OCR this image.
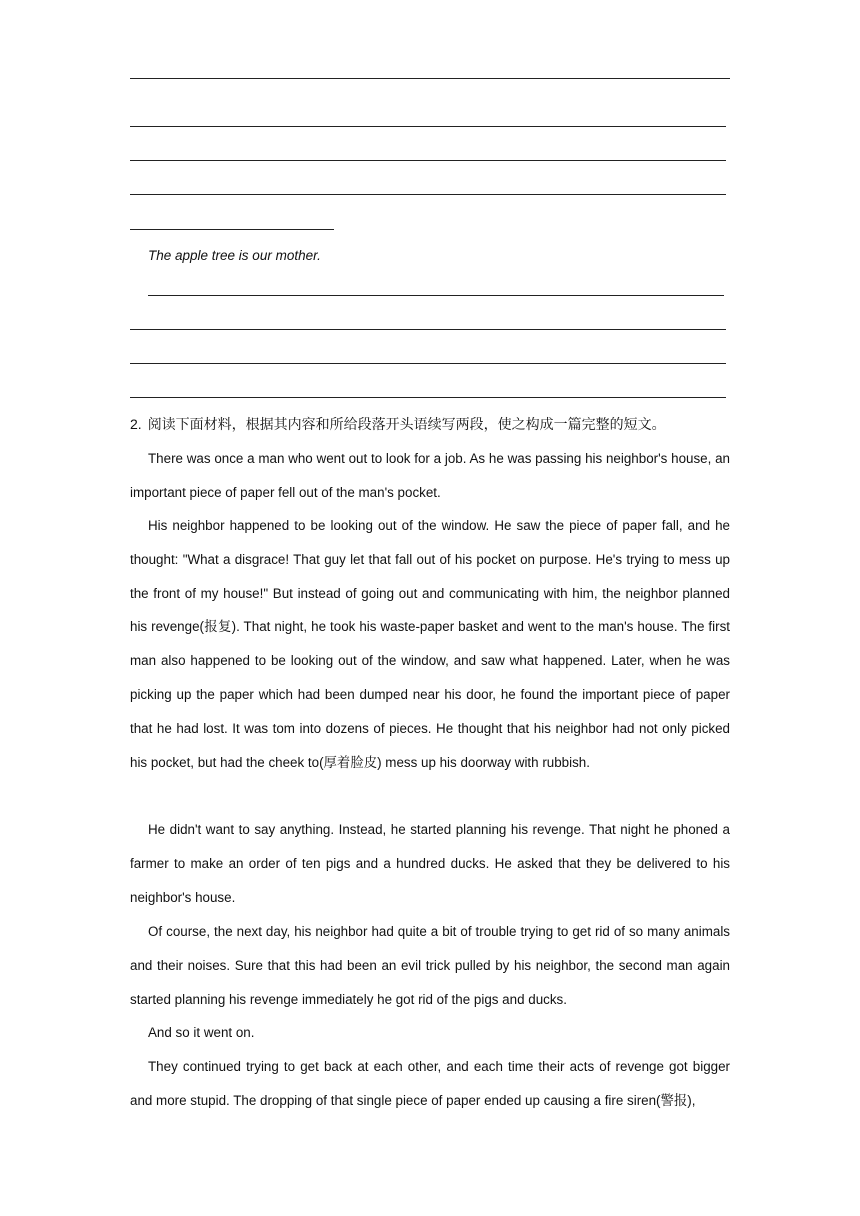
The apple tree is our mother.
2. 阅读下面材料，根据其内容和所给段落开头语续写两段，使之构成一篇完整的短文。
There was once a man who went out to look for a job. As he was passing his neighbor's house, an important piece of paper fell out of the man's pocket.
His neighbor happened to be looking out of the window. He saw the piece of paper fall, and he thought: "What a disgrace! That guy let that fall out of his pocket on purpose. He's trying to mess up the front of my house!" But instead of going out and communicating with him, the neighbor planned his revenge(报复). That night, he took his waste-paper basket and went to the man's house. The first man also happened to be looking out of the window, and saw what happened. Later, when he was picking up the paper which had been dumped near his door, he found the important piece of paper that he had lost. It was tom into dozens of pieces. He thought that his neighbor had not only picked his pocket, but had the cheek to(厚着脸皮) mess up his doorway with rubbish.
He didn't want to say anything. Instead, he started planning his revenge. That night he phoned a farmer to make an order of ten pigs and a hundred ducks. He asked that they be delivered to his neighbor's house.
Of course, the next day, his neighbor had quite a bit of trouble trying to get rid of so many animals and their noises. Sure that this had been an evil trick pulled by his neighbor, the second man again started planning his revenge immediately he got rid of the pigs and ducks.
And so it went on.
They continued trying to get back at each other, and each time their acts of revenge got bigger and more stupid. The dropping of that single piece of paper ended up causing a fire siren(警报),
